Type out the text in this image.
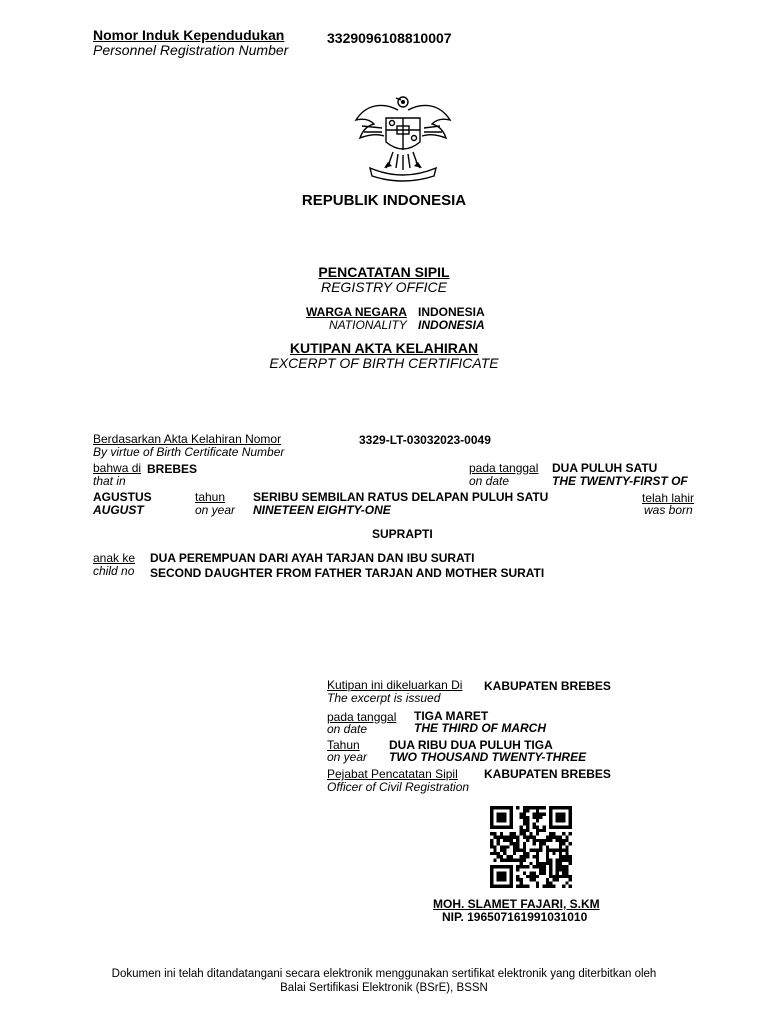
Nomor Induk Kependudukan
Personnel Registration Number
3329096108810007
REPUBLIK INDONESIA
PENCATATAN SIPIL
REGISTRY OFFICE
WARGA NEGARA INDONESIA
NATIONALITY INDONESIA
KUTIPAN AKTA KELAHIRAN
EXCERPT OF BIRTH CERTIFICATE
Berdasarkan Akta Kelahiran Nomor
By virtue of Birth Certificate Number
3329-LT-03032023-0049
bahwa di BREBES
that in
pada tanggal DUA PULUH SATU
on date	THE TWENTY-FIRST OF
AGUSTUS
AUGUST
tahun
on year
SERIBU SEMBILAN RATUS DELAPAN PULUH SATU
NINETEEN EIGHTY-ONE
telah lahir
was born
SUPRAPTI
anak ke
child no
DUA PEREMPUAN DARI AYAH TARJAN DAN IBU SURATI
SECOND DAUGHTER FROM FATHER TARJAN AND MOTHER SURATI
Kutipan ini dikeluarkan Di KABUPATEN BREBES
The excerpt is issued
pada tanggal TIGA MARET
on date	THE THIRD OF MARCH
Tahun DUA RIBU DUA PULUH TIGA
on year TWO THOUSAND TWENTY-THREE
Pejabat Pencatatan Sipil KABUPATEN BREBES
Officer of Civil Registration
MOH. SLAMET FAJARI, S.KM
NIP. 196507161991031010
Dokumen ini telah ditandatangani secara elektronik menggunakan sertifikat elektronik yang diterbitkan oleh
Balai Sertifikasi Elektronik (BSrE), BSSN
